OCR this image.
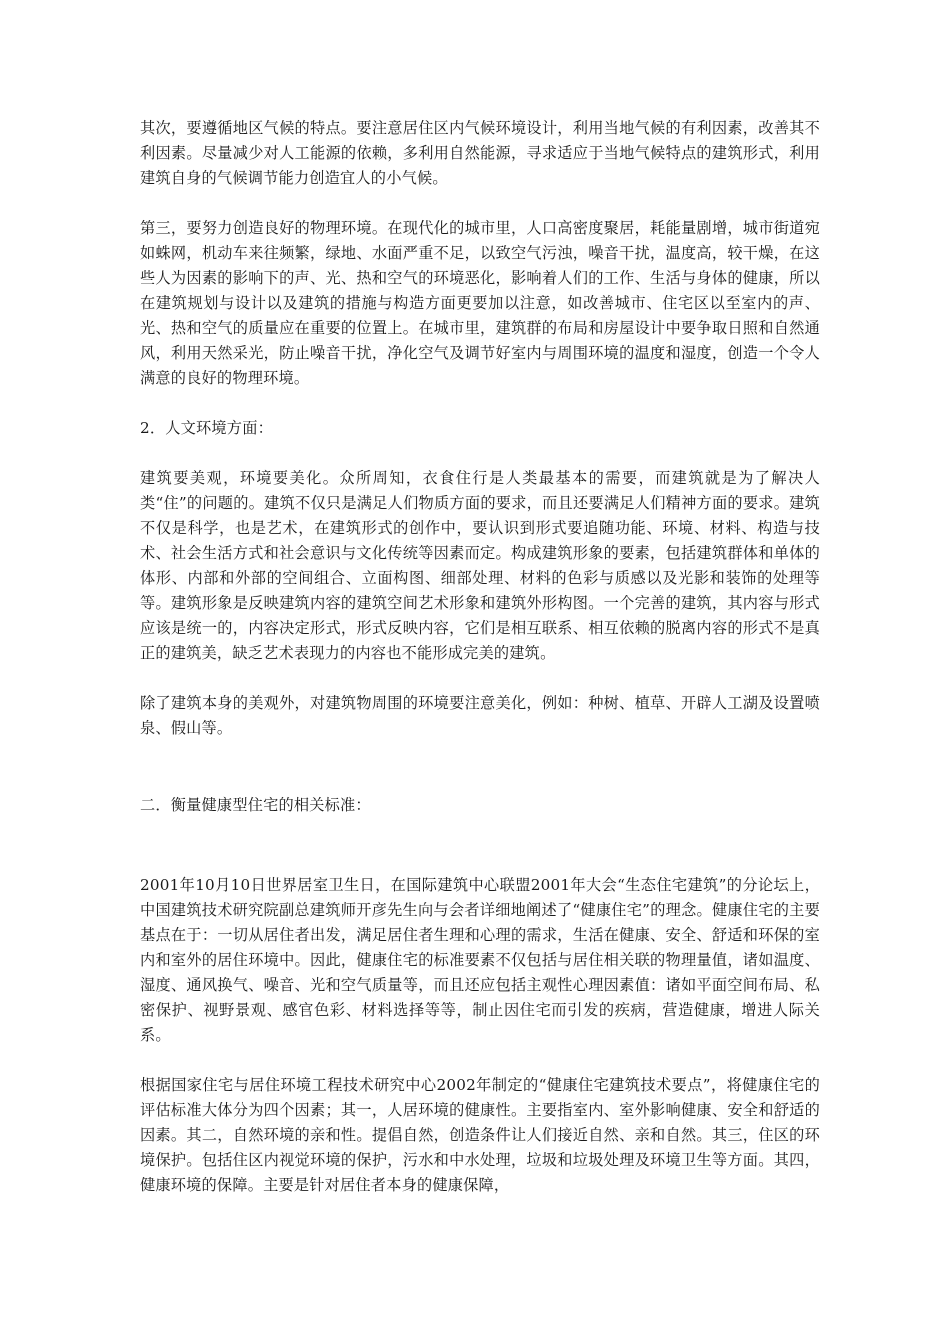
其次，要遵循地区气候的特点。要注意居住区内气候环境设计，利用当地气候的有利因素，改善其不利因素。尽量减少对人工能源的依赖，多利用自然能源，寻求适应于当地气候特点的建筑形式，利用建筑自身的气候调节能力创造宜人的小气候。

第三，要努力创造良好的物理环境。在现代化的城市里，人口高密度聚居，耗能量剧增，城市街道宛如蛛网，机动车来往频繁，绿地、水面严重不足，以致空气污浊，噪音干扰，温度高，较干燥，在这些人为因素的影响下的声、光、热和空气的环境恶化，影响着人们的工作、生活与身体的健康，所以在建筑规划与设计以及建筑的措施与构造方面更要加以注意，如改善城市、住宅区以至室内的声、光、热和空气的质量应在重要的位置上。在城市里，建筑群的布局和房屋设计中要争取日照和自然通风，利用天然采光，防止噪音干扰，净化空气及调节好室内与周围环境的温度和湿度，创造一个令人满意的良好的物理环境。

2．人文环境方面：

建筑要美观，环境要美化。众所周知，衣食住行是人类最基本的需要，而建筑就是为了解决人类“住”的问题的。建筑不仅只是满足人们物质方面的要求，而且还要满足人们精神方面的要求。建筑不仅是科学，也是艺术，在建筑形式的创作中，要认识到形式要追随功能、环境、材料、构造与技术、社会生活方式和社会意识与文化传统等因素而定。构成建筑形象的要素，包括建筑群体和单体的体形、内部和外部的空间组合、立面构图、细部处理、材料的色彩与质感以及光影和装饰的处理等等。建筑形象是反映建筑内容的建筑空间艺术形象和建筑外形构图。一个完善的建筑，其内容与形式应该是统一的，内容决定形式，形式反映内容，它们是相互联系、相互依赖的脱离内容的形式不是真正的建筑美，缺乏艺术表现力的内容也不能形成完美的建筑。

除了建筑本身的美观外，对建筑物周围的环境要注意美化，例如：种树、植草、开辟人工湖及设置喷泉、假山等。

二．衡量健康型住宅的相关标准：

2001年10月10日世界居室卫生日，在国际建筑中心联盟2001年大会“生态住宅建筑”的分论坛上，中国建筑技术研究院副总建筑师开彦先生向与会者详细地阐述了“健康住宅”的理念。健康住宅的主要基点在于：一切从居住者出发，满足居住者生理和心理的需求，生活在健康、安全、舒适和环保的室内和室外的居住环境中。因此，健康住宅的标准要素不仅包括与居住相关联的物理量值，诸如温度、湿度、通风换气、噪音、光和空气质量等，而且还应包括主观性心理因素值：诸如平面空间布局、私密保护、视野景观、感官色彩、材料选择等等，制止因住宅而引发的疾病，营造健康，增进人际关系。

根据国家住宅与居住环境工程技术研究中心2002年制定的“健康住宅建筑技术要点”，将健康住宅的评估标准大体分为四个因素；其一，人居环境的健康性。主要指室内、室外影响健康、安全和舒适的因素。其二，自然环境的亲和性。提倡自然，创造条件让人们接近自然、亲和自然。其三，住区的环境保护。包括住区内视觉环境的保护，污水和中水处理，垃圾和垃圾处理及环境卫生等方面。其四，健康环境的保障。主要是针对居住者本身的健康保障，
